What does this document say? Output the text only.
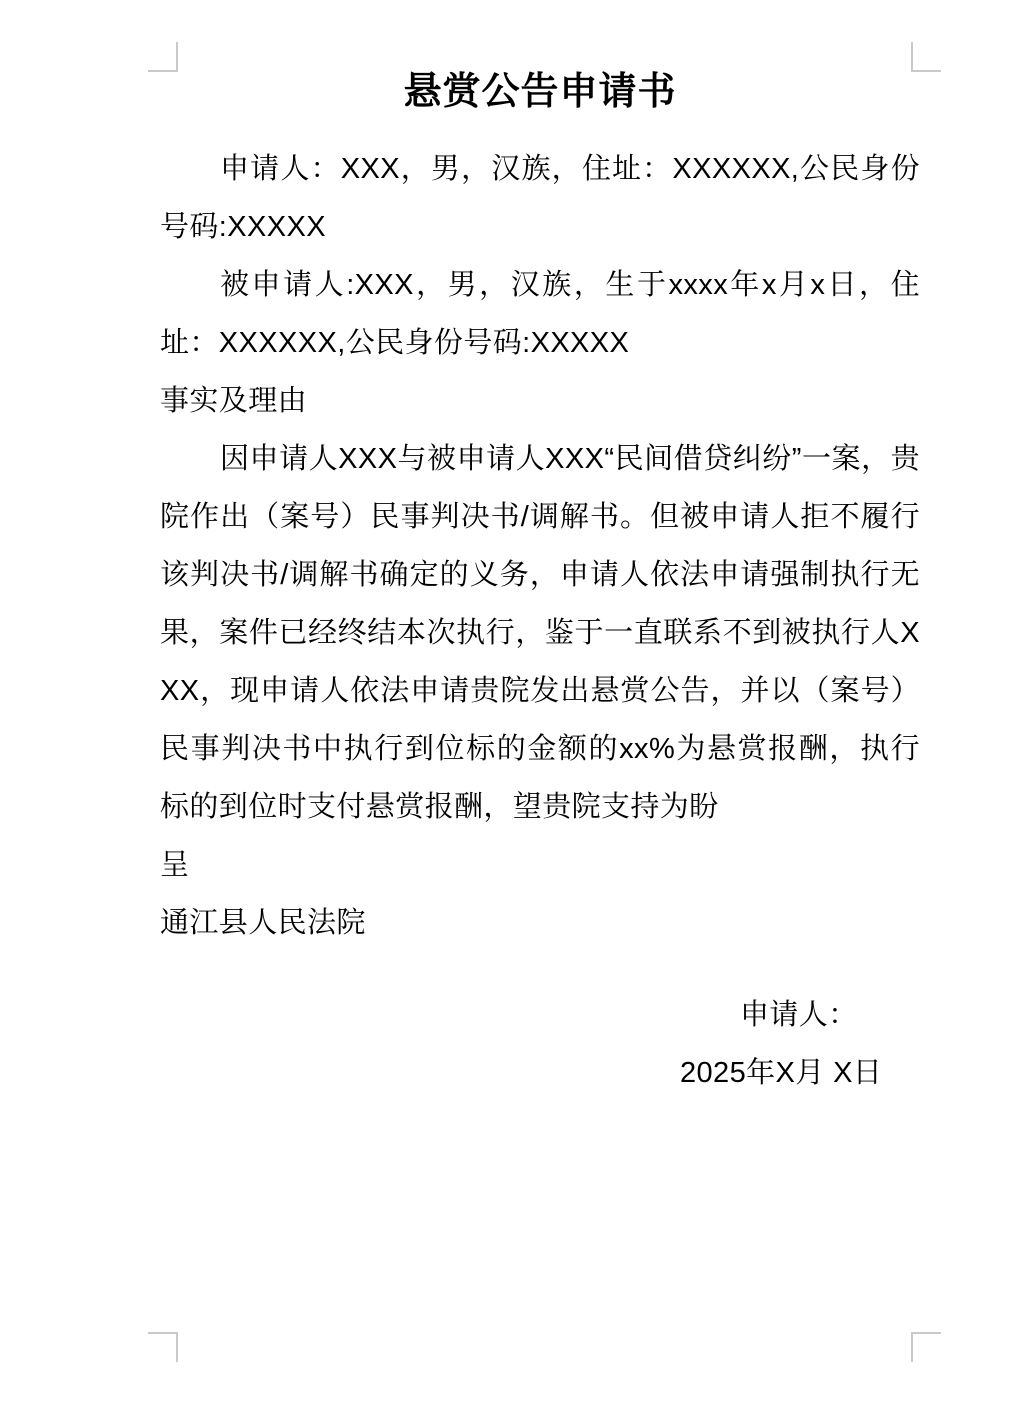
悬赏公告申请书

申请人：XXX，男，汉族，住址：XXXXXX,公民身份号码:XXXXX

被申请人:XXX，男，汉族，生于xxxx年x月x日，住址：XXXXXX,公民身份号码:XXXXX

事实及理由

因申请人XXX与被申请人XXX“民间借贷纠纷”一案，贵院作出（案号）民事判决书/调解书。但被申请人拒不履行该判决书/调解书确定的义务，申请人依法申请强制执行无果，案件已经终结本次执行，鉴于一直联系不到被执行人XXX，现申请人依法申请贵院发出悬赏公告，并以（案号）民事判决书中执行到位标的金额的xx%为悬赏报酬，执行标的到位时支付悬赏报酬，望贵院支持为盼

呈

通江县人民法院

申请人：
2025年X月 X日
